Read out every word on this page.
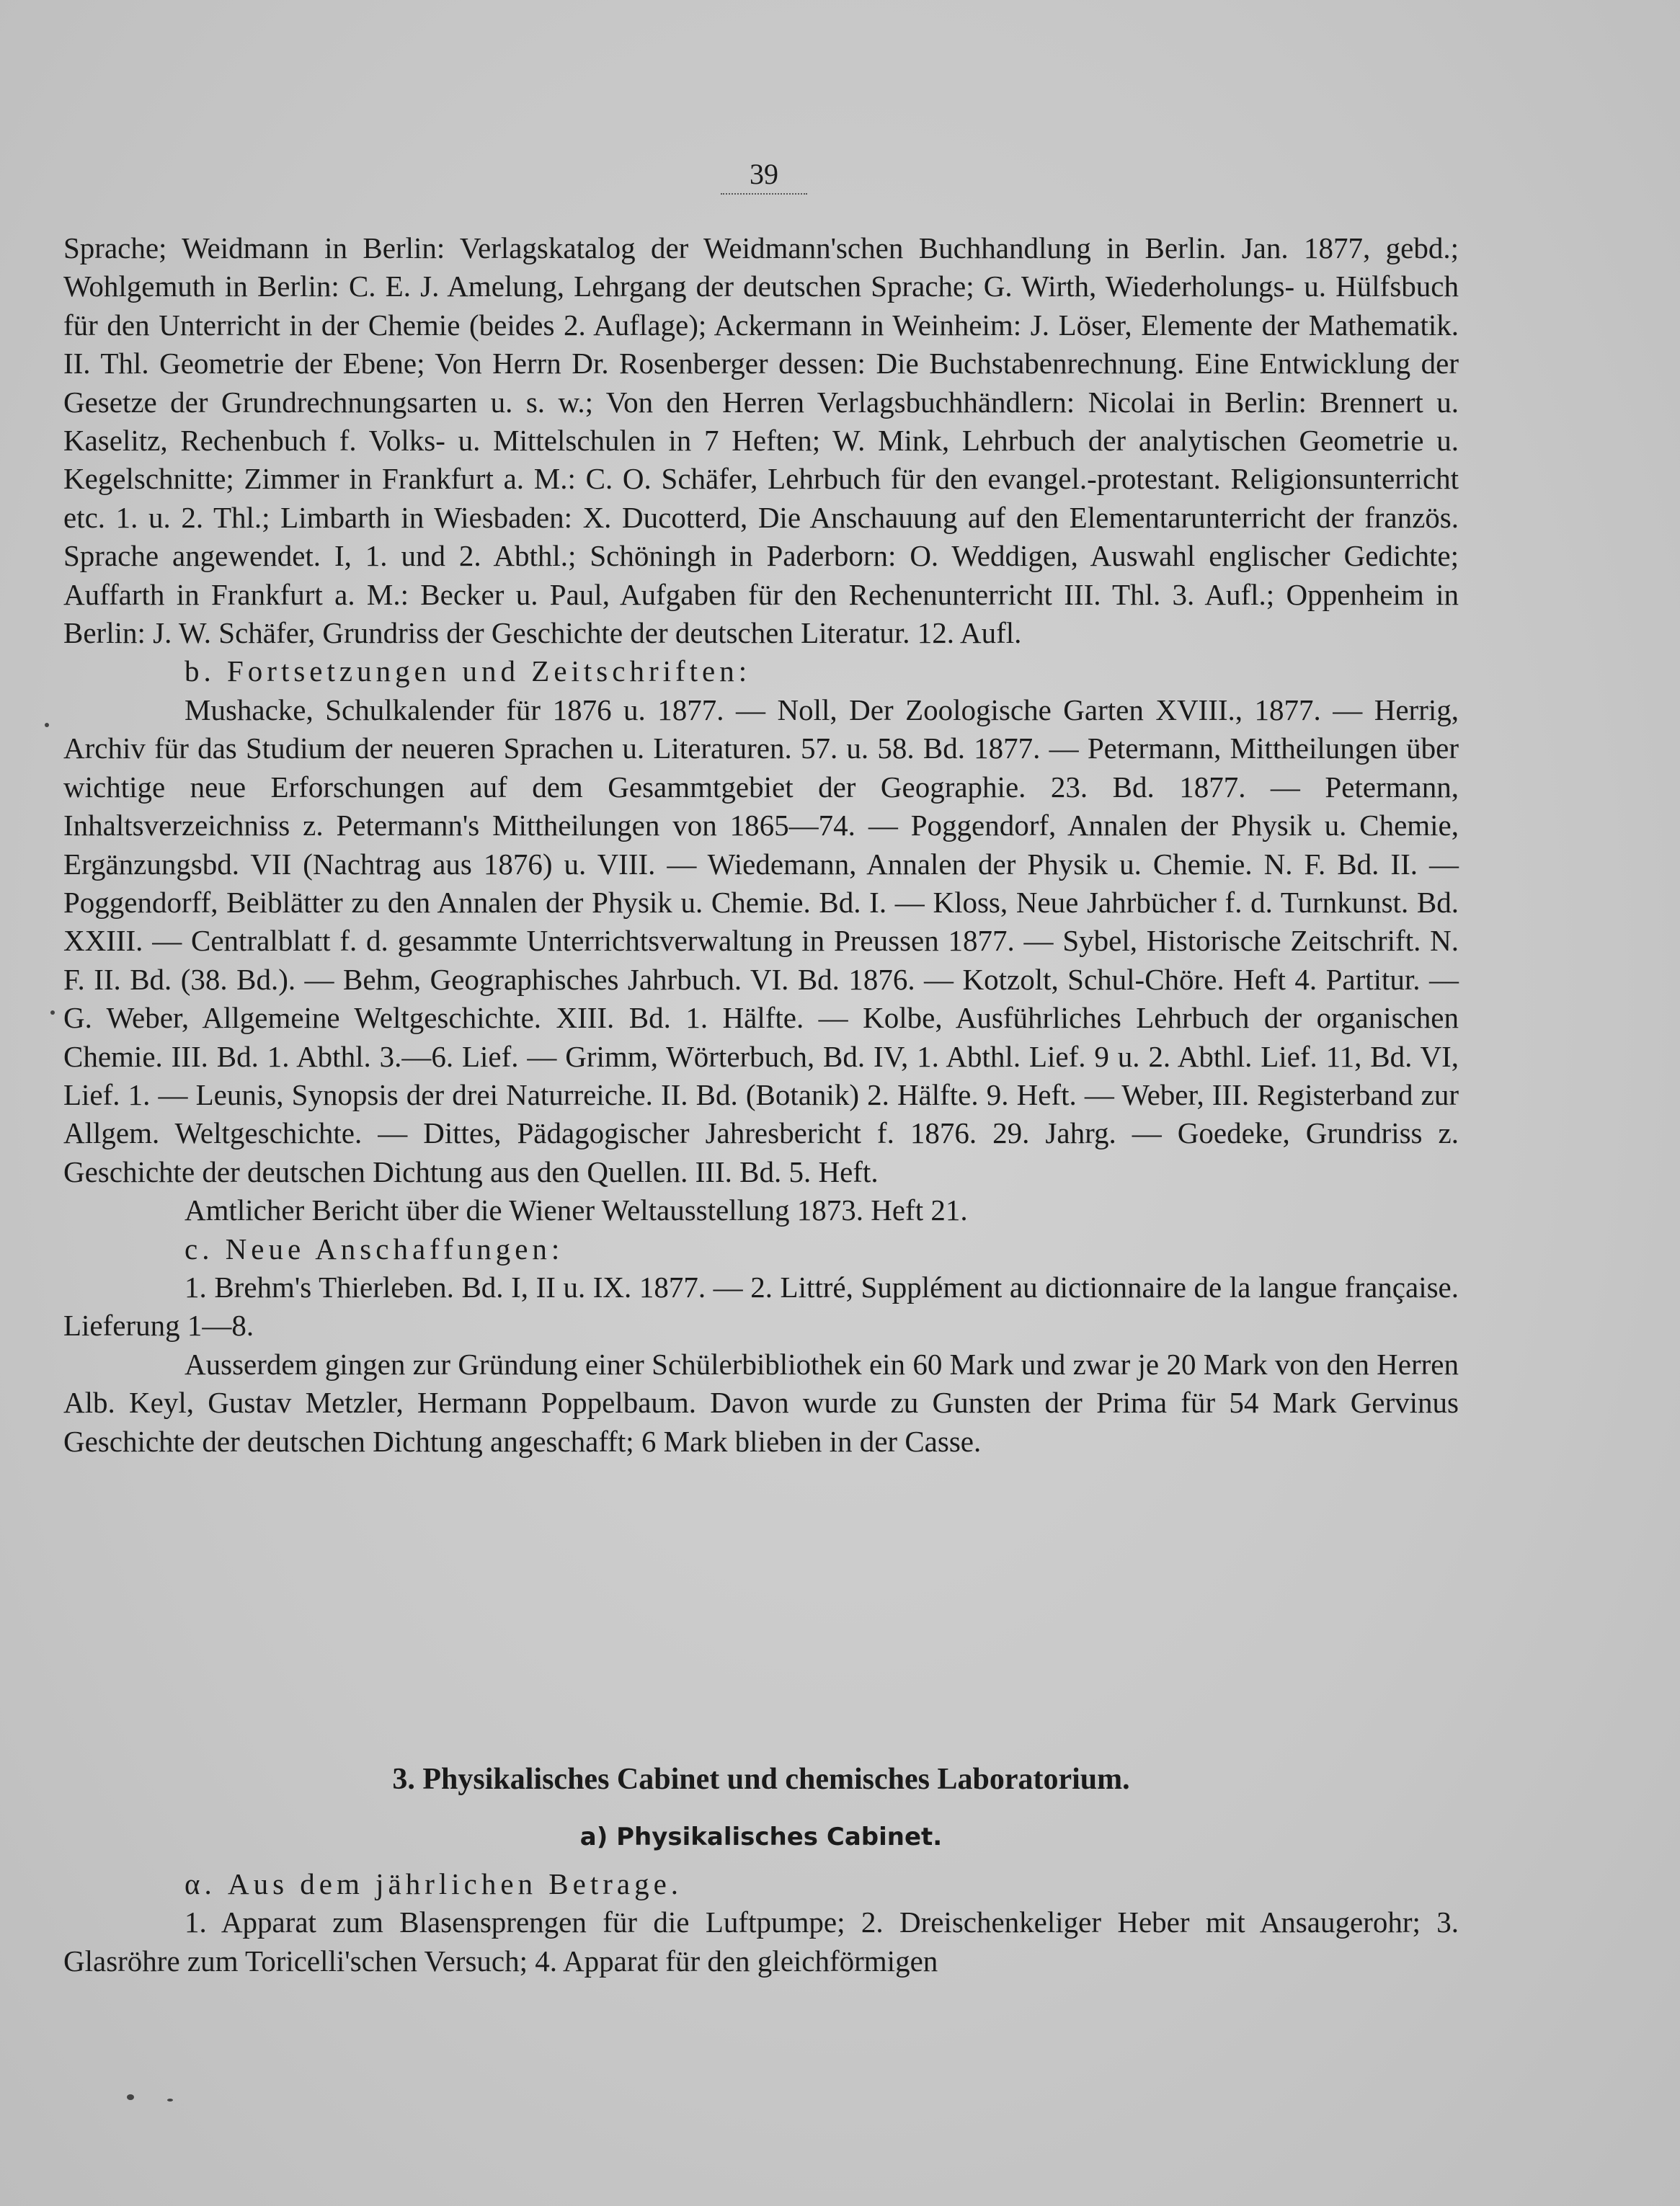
39

Sprache; Weidmann in Berlin: Verlagskatalog der Weidmann'schen Buchhandlung in Berlin. Jan. 1877, gebd.; Wohlgemuth in Berlin: C. E. J. Amelung, Lehrgang der deutschen Sprache; G. Wirth, Wiederholungs- u. Hülfsbuch für den Unterricht in der Chemie (beides 2. Auflage); Ackermann in Weinheim: J. Löser, Elemente der Mathematik. II. Thl. Geometrie der Ebene; Von Herrn Dr. Rosenberger dessen: Die Buchstabenrechnung. Eine Entwicklung der Gesetze der Grundrechnungsarten u. s. w.; Von den Herren Verlagsbuchhändlern: Nicolai in Berlin: Brennert u. Kaselitz, Rechenbuch f. Volks- u. Mittelschulen in 7 Heften; W. Mink, Lehrbuch der analytischen Geometrie u. Kegelschnitte; Zimmer in Frankfurt a. M.: C. O. Schäfer, Lehrbuch für den evangel.-protestant. Religionsunterricht etc. 1. u. 2. Thl.; Limbarth in Wiesbaden: X. Ducotterd, Die Anschauung auf den Elementarunterricht der französ. Sprache angewendet. I, 1. und 2. Abthl.; Schöningh in Paderborn: O. Weddigen, Auswahl englischer Gedichte; Auffarth in Frankfurt a. M.: Becker u. Paul, Aufgaben für den Rechenunterricht III. Thl. 3. Aufl.; Oppenheim in Berlin: J. W. Schäfer, Grundriss der Geschichte der deutschen Literatur. 12. Aufl.

b. Fortsetzungen und Zeitschriften:

Mushacke, Schulkalender für 1876 u. 1877. — Noll, Der Zoologische Garten XVIII., 1877. — Herrig, Archiv für das Studium der neueren Sprachen u. Literaturen. 57. u. 58. Bd. 1877. — Petermann, Mittheilungen über wichtige neue Erforschungen auf dem Gesammtgebiet der Geographie. 23. Bd. 1877. — Petermann, Inhaltsverzeichniss z. Petermann's Mittheilungen von 1865—74. — Poggendorf, Annalen der Physik u. Chemie, Ergänzungsbd. VII (Nachtrag aus 1876) u. VIII. — Wiedemann, Annalen der Physik u. Chemie. N. F. Bd. II. — Poggendorff, Beiblätter zu den Annalen der Physik u. Chemie. Bd. I. — Kloss, Neue Jahrbücher f. d. Turnkunst. Bd. XXIII. — Centralblatt f. d. gesammte Unterrichtsverwaltung in Preussen 1877. — Sybel, Historische Zeitschrift. N. F. II. Bd. (38. Bd.). — Behm, Geographisches Jahrbuch. VI. Bd. 1876. — Kotzolt, Schul-Chöre. Heft 4. Partitur. — G. Weber, Allgemeine Weltgeschichte. XIII. Bd. 1. Hälfte. — Kolbe, Ausführliches Lehrbuch der organischen Chemie. III. Bd. 1. Abthl. 3.—6. Lief. — Grimm, Wörterbuch, Bd. IV, 1. Abthl. Lief. 9 u. 2. Abthl. Lief. 11, Bd. VI, Lief. 1. — Leunis, Synopsis der drei Naturreiche. II. Bd. (Botanik) 2. Hälfte. 9. Heft. — Weber, III. Registerband zur Allgem. Weltgeschichte. — Dittes, Pädagogischer Jahresbericht f. 1876. 29. Jahrg. — Goedeke, Grundriss z. Geschichte der deutschen Dichtung aus den Quellen. III. Bd. 5. Heft.

Amtlicher Bericht über die Wiener Weltausstellung 1873. Heft 21.

c. Neue Anschaffungen:

1. Brehm's Thierleben. Bd. I, II u. IX. 1877. — 2. Littré, Supplément au dictionnaire de la langue française. Lieferung 1—8.

Ausserdem gingen zur Gründung einer Schülerbibliothek ein 60 Mark und zwar je 20 Mark von den Herren Alb. Keyl, Gustav Metzler, Hermann Poppelbaum. Davon wurde zu Gunsten der Prima für 54 Mark Gervinus Geschichte der deutschen Dichtung angeschafft; 6 Mark blieben in der Casse.

3. Physikalisches Cabinet und chemisches Laboratorium.
a) Physikalisches Cabinet.

α. Aus dem jährlichen Betrage.

1. Apparat zum Blasensprengen für die Luftpumpe; 2. Dreischenkeliger Heber mit Ansaugerohr; 3. Glasröhre zum Toricelli'schen Versuch; 4. Apparat für den gleichförmigen
